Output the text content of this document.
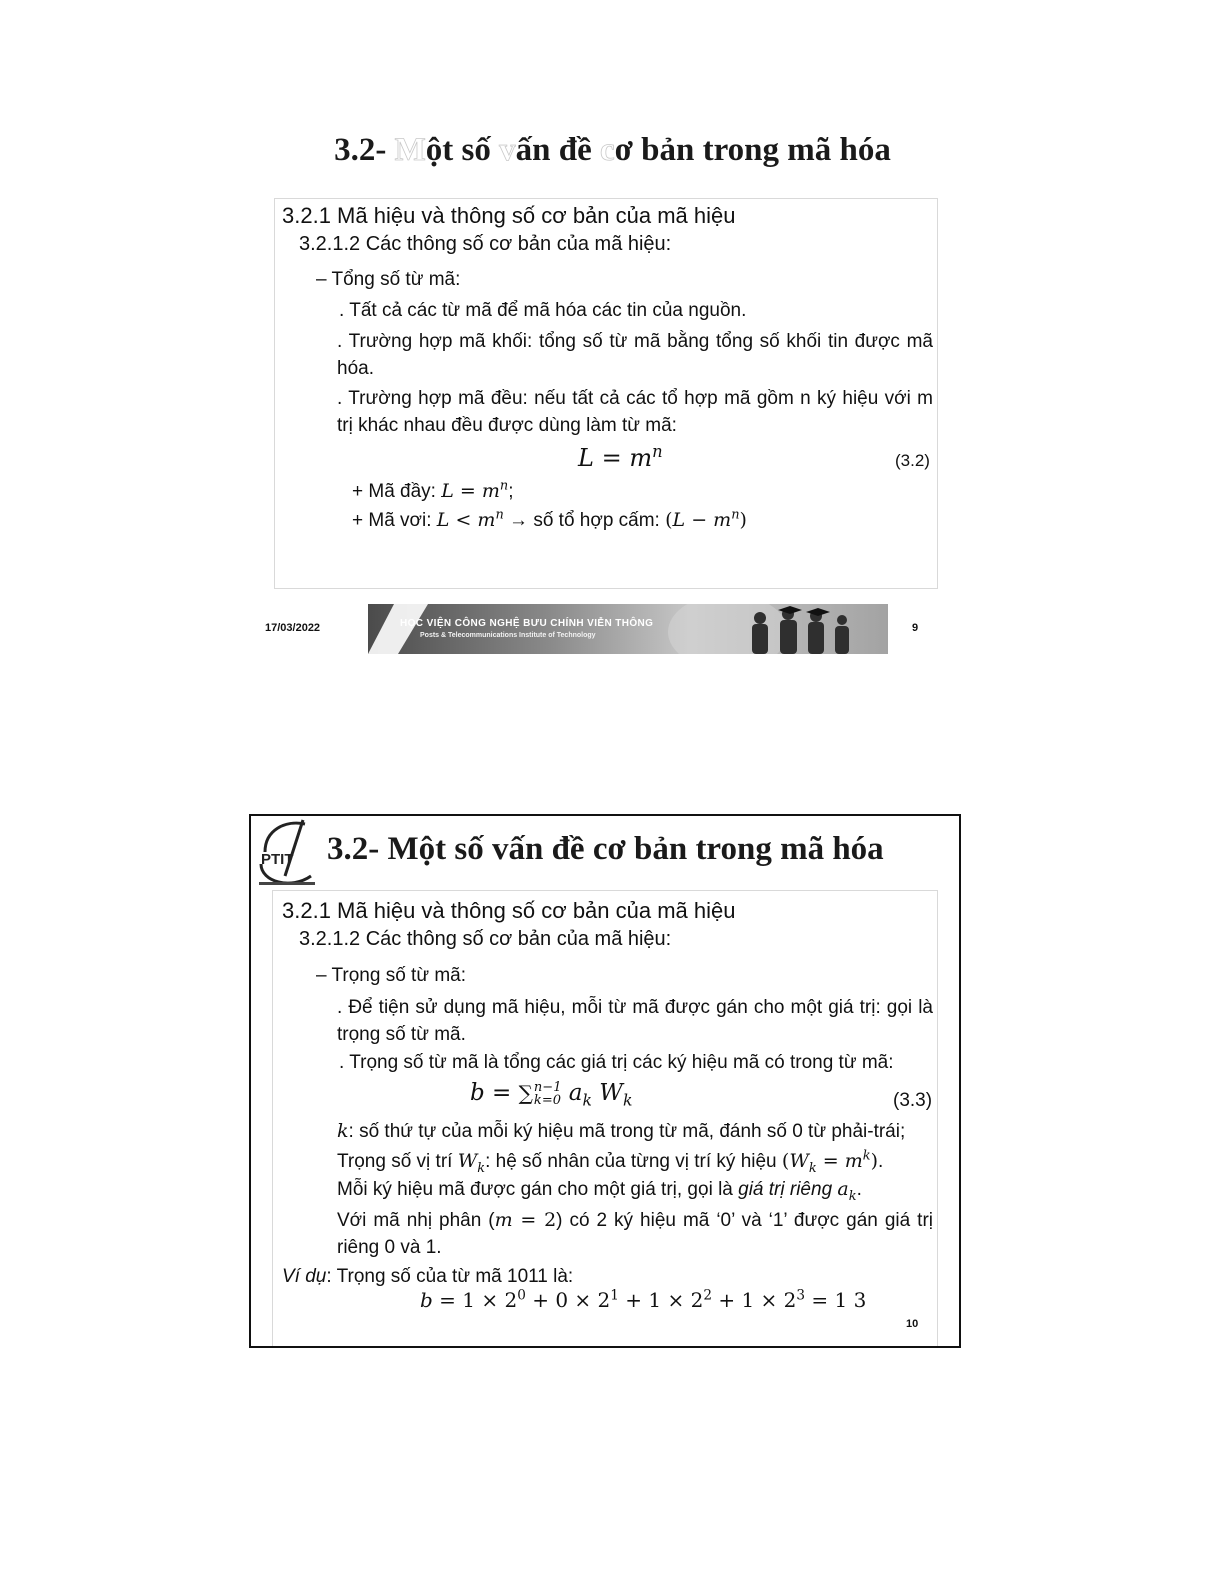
3.2- Một số vấn đề cơ bản trong mã hóa
3.2.1 Mã hiệu và thông số cơ bản của mã hiệu
3.2.1.2 Các thông số cơ bản của mã hiệu:
– Tổng số từ mã:
. Tất cả các từ mã để mã hóa các tin của nguồn.
. Trường hợp mã khối: tổng số từ mã bằng tổng số khối tin được mã hóa.
. Trường hợp mã đều: nếu tất cả các tổ hợp mã gồm n ký hiệu với m trị khác nhau đều được dùng làm từ mã:
$L = m^n$	(3.2)
+ Mã đầy: $L = m^n$;
+ Mã vơi: $L < m^n$ → số tổ hợp cấm: $(L - m^n)$
17/03/2022	HỌC VIỆN CÔNG NGHỆ BƯU CHÍNH VIỄN THÔNG
Posts & Telecommunications Institute of Technology
9
PTIT 3.2- Một số vấn đề cơ bản trong mã hóa
3.2.1 Mã hiệu và thông số cơ bản của mã hiệu
3.2.1.2 Các thông số cơ bản của mã hiệu:
– Trọng số từ mã:
. Để tiện sử dụng mã hiệu, mỗi từ mã được gán cho một giá trị: gọi là trọng số từ mã.
. Trọng số từ mã là tổng các giá trị các ký hiệu mã có trong từ mã:
b = ∑ n−1
k=0 $a_k$ $W_k$	(3.3)
k: số thứ tự của mỗi ký hiệu mã trong từ mã, đánh số 0 từ phải-trái;
Trọng số vị trí $W_k$: hệ số nhân của từng vị trí ký hiệu $(W_k = m^k)$.
Mỗi ký hiệu mã được gán cho một giá trị, gọi là giá trị riêng $a_k$.
Với mã nhị phân (m = 2) có 2 ký hiệu mã ‘0’ và ‘1’ được gán giá trị riêng 0 và 1.
Ví dụ: Trọng số của từ mã 1011 là:
$b = 1 \times 2^0 + 0 \times 2^1 + 1 \times 2^2 + 1 \times 2^3 = 1$ 3
10
